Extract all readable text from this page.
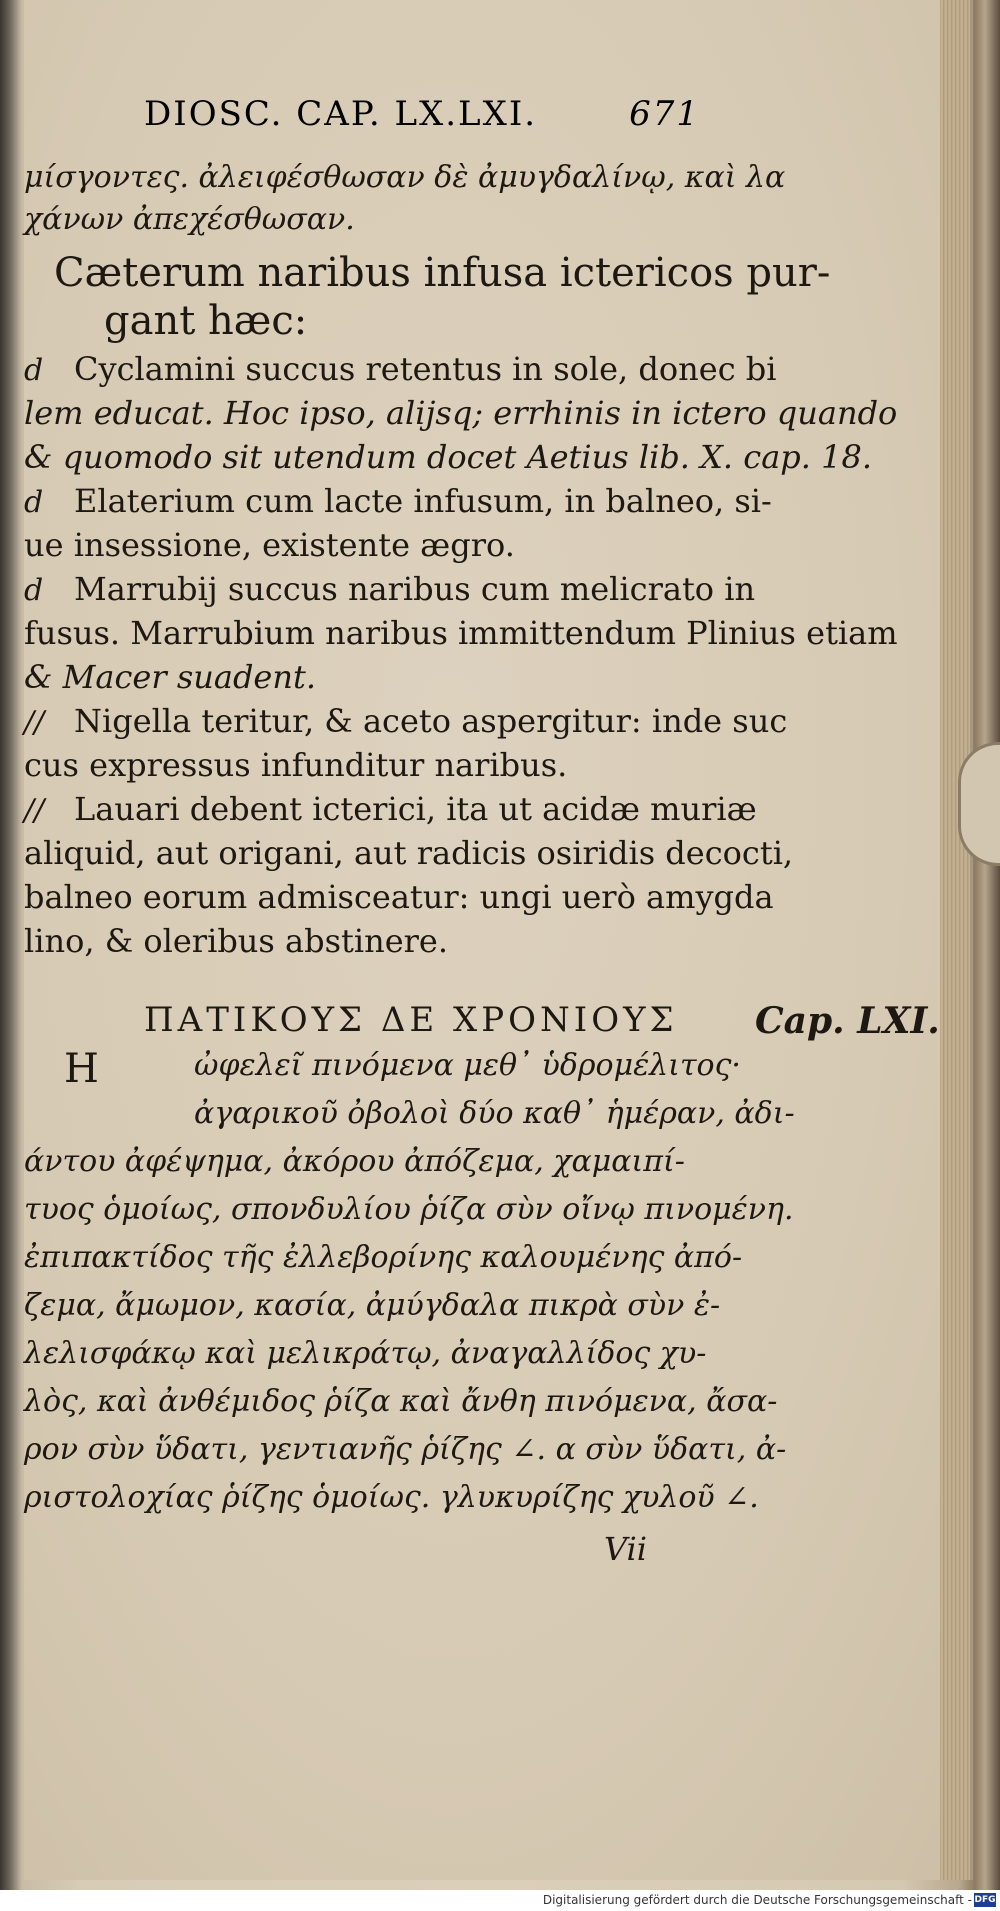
DIOSC. CAP. LX.LXI.	671
μίσγοντες. ἀλειφέσθωσαν δὲ ἀμυγδαλίνῳ, καὶ λα
χάνων ἀπεχέσθωσαν.
Cæterum naribus infusa ictericos pur-
gant hæc:
d Cyclamini succus retentus in sole, donec bi
lem educat. Hoc ipso, alijsq; errhinis in ictero quando
& quomodo sit utendum docet Aetius lib. X. cap. 18.
d Elaterium cum lacte infusum, in balneo, si-
ue insessione, existente ægro.
d Marrubij succus naribus cum melicrato in
fusus. Marrubium naribus immittendum Plinius etiam
& Macer suadent.
// Nigella teritur, & aceto aspergitur: inde suc
cus expressus infunditur naribus.
// Lauari debent icterici, ita ut acidæ muriæ
aliquid, aut origani, aut radicis osiridis decocti,
balneo eorum admisceatur: ungi uerò amygda
lino, & oleribus abstinere.
ΠΑΤΙΚΟΥΣ ΔΕ ΧΡΟΝΙΟΥΣ
Η	ὠφελεῖ πινόμενα μεθ᾽ ὑδρομέλιτος·
ἀγαρικοῦ ὀβολοὶ δύο καθ᾽ ἡμέραν, ἀδι-
άντου ἀφέψημα, ἀκόρου ἀπόζεμα, χαμαιπί-
τυος ὁμοίως, σπονδυλίου ῥίζα σὺν οἴνῳ πινομένη.
ἐπιπακτίδος τῆς ἐλλεβορίνης καλουμένης ἀπό-
ζεμα, ἄμωμον, κασία, ἀμύγδαλα πικρὰ σὺν ἐ-
λελισφάκῳ καὶ μελικράτῳ, ἀναγαλλίδος χυ-
λὸς, καὶ ἀνθέμιδος ῥίζα καὶ ἄνθη πινόμενα, ἄσα-
ρον σὺν ὕδατι, γεντιανῆς ῥίζης ∠. α σὺν ὕδατι, ἀ-
ριστολοχίας ῥίζης ὁμοίως. γλυκυρίζης χυλοῦ ∠.
Vii
Cap. LXI.
Digitalisierung gefördert durch die Deutsche Forschungsgemeinschaft - DFG
